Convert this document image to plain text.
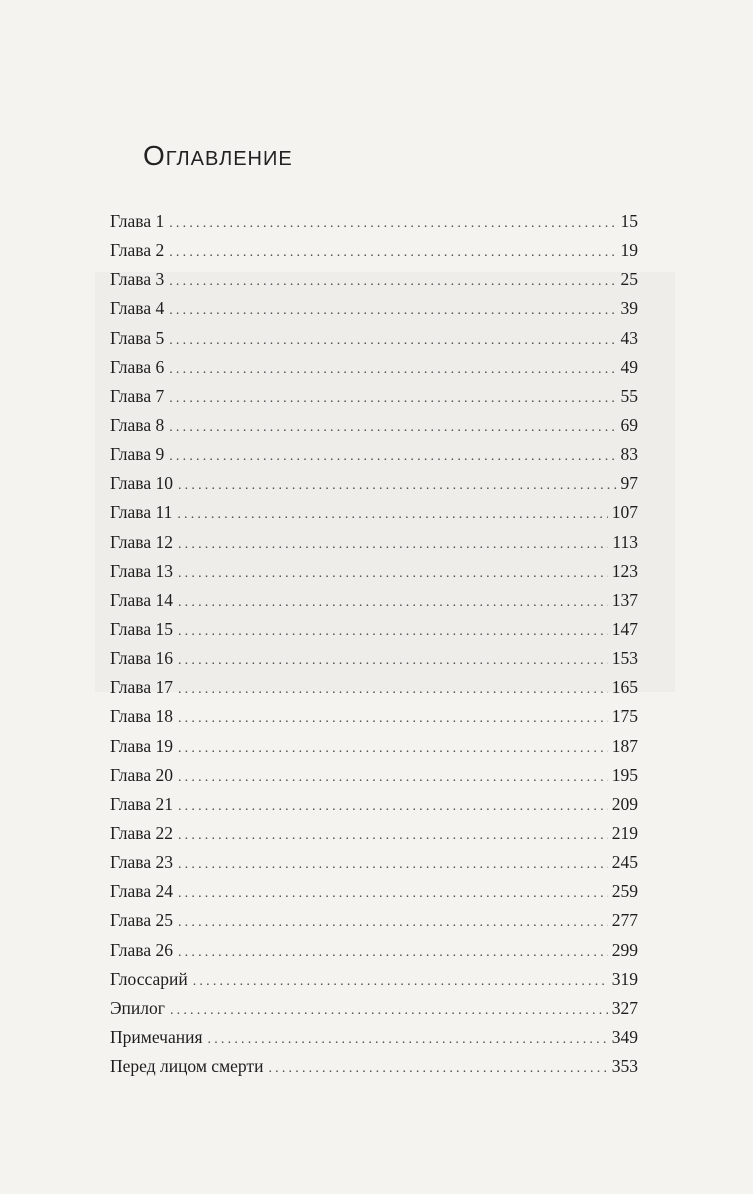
Оглавление
Глава 1 .....	15
Глава 2 .....	19
Глава 3 .....	25
Глава 4 .....	39
Глава 5 .....	43
Глава 6 .....	49
Глава 7 .....	55
Глава 8 .....	69
Глава 9 .....	83
Глава 10 .....	97
Глава 11 .....	107
Глава 12 .....	113
Глава 13 .....	123
Глава 14 .....	137
Глава 15 .....	147
Глава 16 .....	153
Глава 17 .....	165
Глава 18 .....	175
Глава 19 .....	187
Глава 20 .....	195
Глава 21 .....	209
Глава 22 .....	219
Глава 23 .....	245
Глава 24 .....	259
Глава 25 .....	277
Глава 26 .....	299
Глоссарий .....	319
Эпилог .....	327
Примечания .....	349
Перед лицом смерти .....	353
